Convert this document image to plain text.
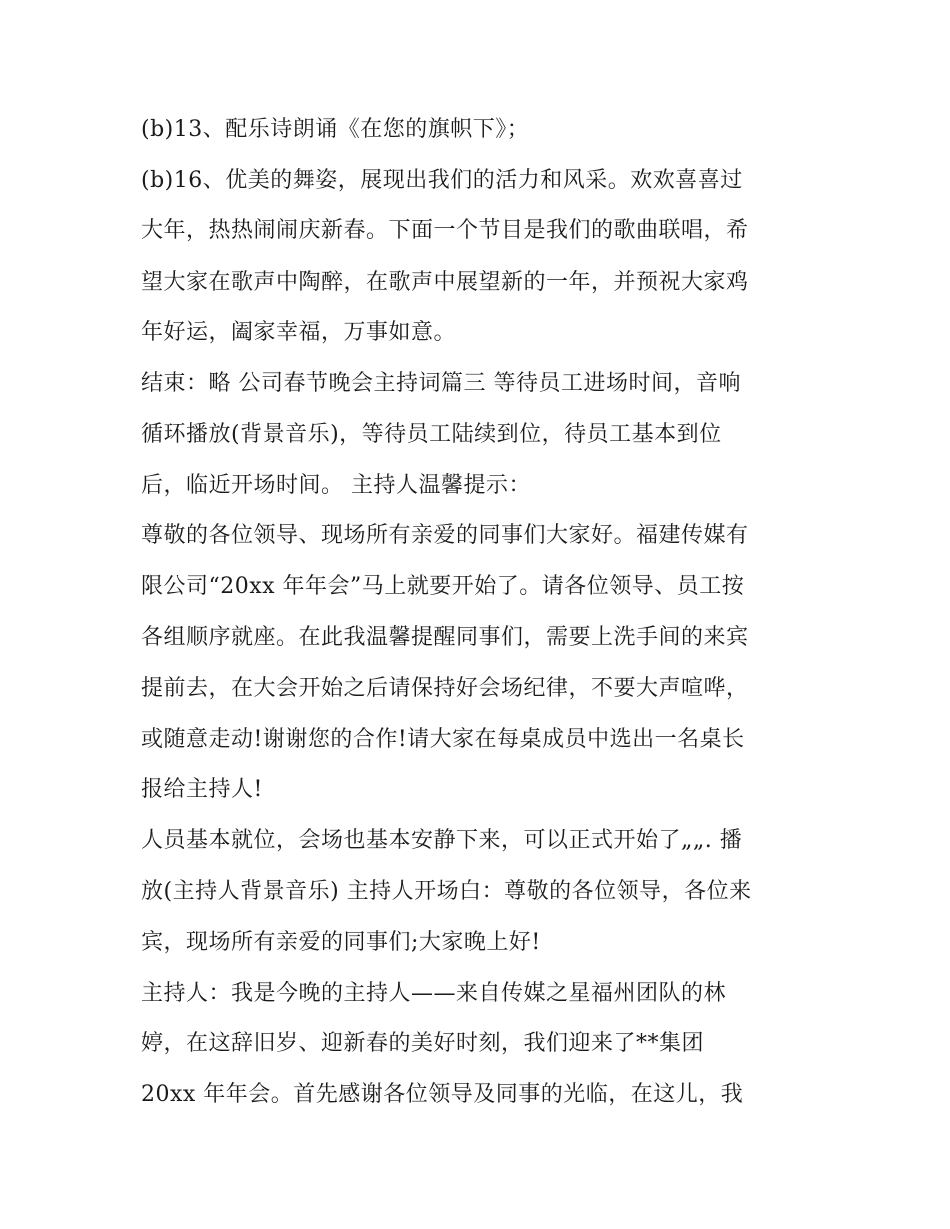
(b)13、配乐诗朗诵《在您的旗帜下》；
(b)16、优美的舞姿，展现出我们的活力和风采。欢欢喜喜过
大年，热热闹闹庆新春。下面一个节目是我们的歌曲联唱，希
望大家在歌声中陶醉，在歌声中展望新的一年，并预祝大家鸡
年好运，阖家幸福，万事如意。
结束：略 公司春节晚会主持词篇三 等待员工进场时间，音响
循环播放(背景音乐)，等待员工陆续到位，待员工基本到位
后，临近开场时间。 主持人温馨提示：
尊敬的各位领导、现场所有亲爱的同事们大家好。福建传媒有
限公司“20xx 年年会”马上就要开始了。请各位领导、员工按
各组顺序就座。在此我温馨提醒同事们，需要上洗手间的来宾
提前去，在大会开始之后请保持好会场纪律，不要大声喧哗，
或随意走动!谢谢您的合作!请大家在每桌成员中选出一名桌长
报给主持人!
人员基本就位，会场也基本安静下来，可以正式开始了„„. 播
放(主持人背景音乐) 主持人开场白：尊敬的各位领导，各位来
宾，现场所有亲爱的同事们;大家晚上好!
主持人：我是今晚的主持人——来自传媒之星福州团队的林
婷，在这辞旧岁、迎新春的美好时刻，我们迎来了**集团
20xx 年年会。首先感谢各位领导及同事的光临，在这儿，我
